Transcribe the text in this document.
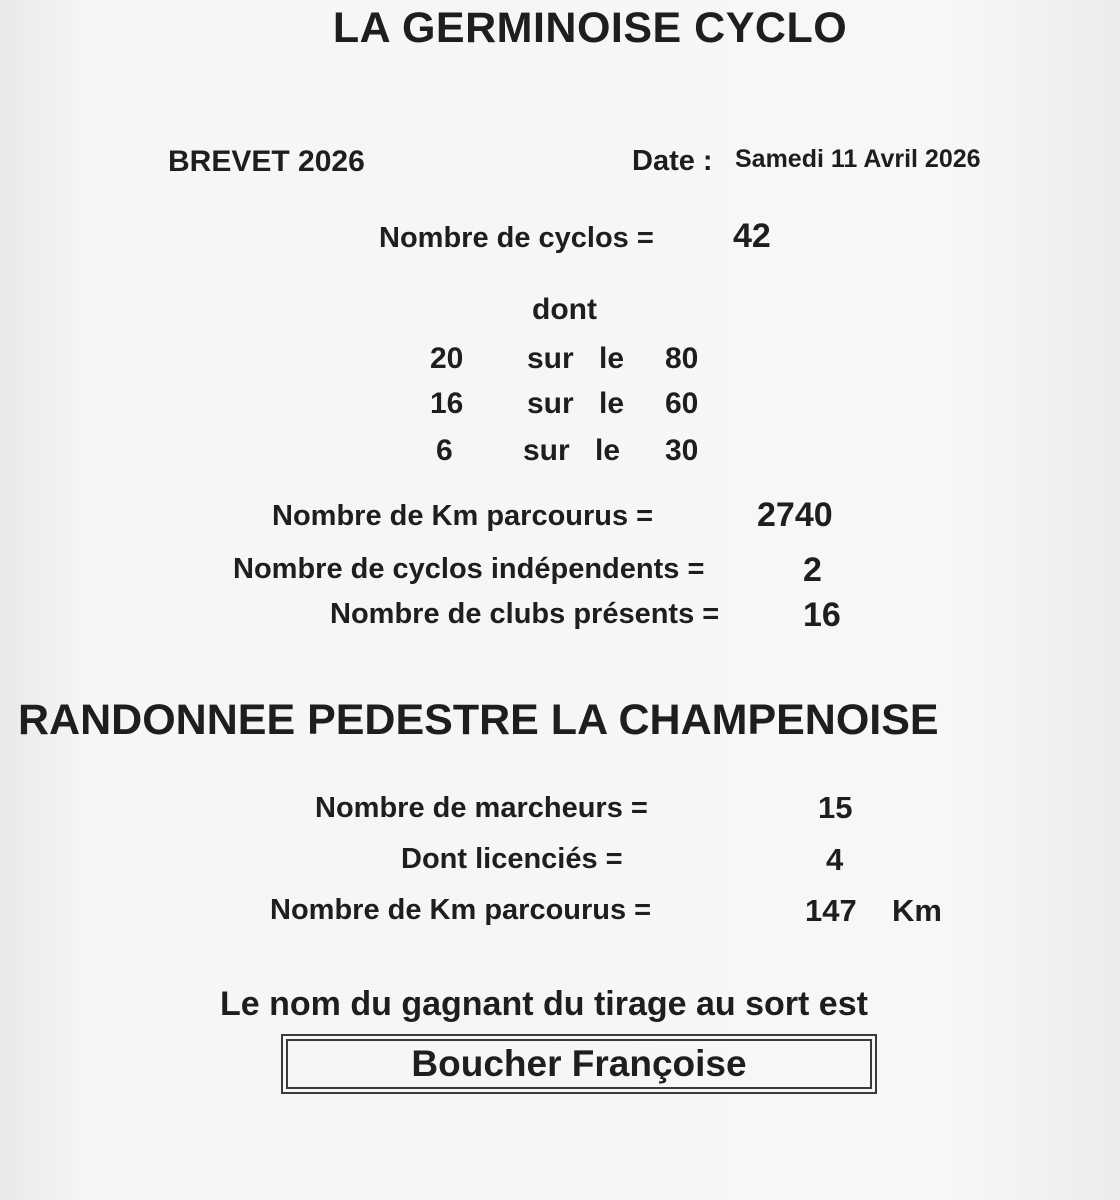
LA GERMINOISE CYCLO
BREVET 2026	Date : Samedi 11 Avril 2026
Nombre de cyclos = 42
dont
20 sur le 80
16 sur le 60
6 sur le 30
Nombre de Km parcourus =	2740
Nombre de cyclos indépendents =	2
Nombre de clubs présents = 16
RANDONNEE PEDESTRE LA CHAMPENOISE
Nombre de marcheurs =	15
Dont licenciés =	4
Nombre de Km parcourus =	147 Km
Le nom du gagnant du tirage au sort est
Boucher Françoise
